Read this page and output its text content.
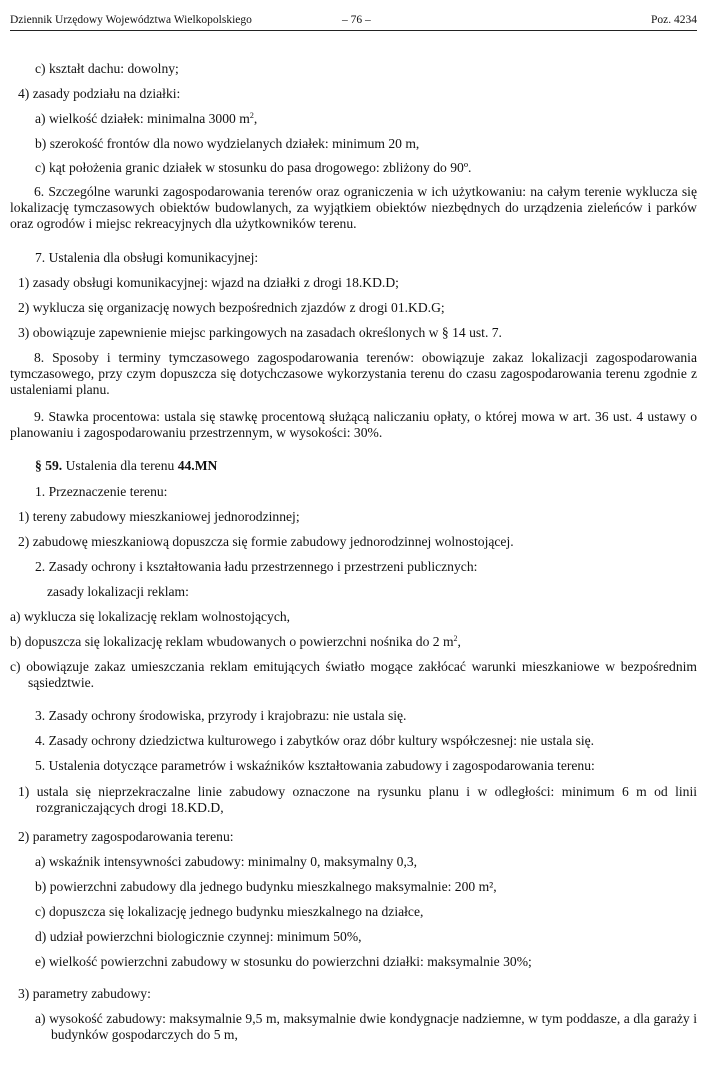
Dziennik Urzędowy Województwa Wielkopolskiego	– 76 –	Poz. 4234
c) kształt dachu: dowolny;
4) zasady podziału na działki:
a) wielkość działek: minimalna 3000 $m^2$,
b) szerokość frontów dla nowo wydzielanych działek: minimum 20 m,
c) kąt położenia granic działek w stosunku do pasa drogowego: zbliżony do 90º.
6. Szczególne warunki zagospodarowania terenów oraz ograniczenia w ich użytkowaniu: na całym terenie wyklucza się lokalizację tymczasowych obiektów budowlanych, za wyjątkiem obiektów niezbędnych do urządzenia zieleńców i parków oraz ogrodów i miejsc rekreacyjnych dla użytkowników terenu.
7. Ustalenia dla obsługi komunikacyjnej:
1) zasady obsługi komunikacyjnej: wjazd na działki z drogi 18.KD.D;
2) wyklucza się organizację nowych bezpośrednich zjazdów z drogi 01.KD.G;
3) obowiązuje zapewnienie miejsc parkingowych na zasadach określonych w § 14 ust. 7.
8. Sposoby i terminy tymczasowego zagospodarowania terenów: obowiązuje zakaz lokalizacji zagospodarowania tymczasowego, przy czym dopuszcza się dotychczasowe wykorzystania terenu do czasu zagospodarowania terenu zgodnie z ustaleniami planu.
9. Stawka procentowa: ustala się stawkę procentową służącą naliczaniu opłaty, o której mowa w art. 36 ust. 4 ustawy o planowaniu i zagospodarowaniu przestrzennym, w wysokości: 30%.
§ 59. Ustalenia dla terenu 44.MN
1. Przeznaczenie terenu:
1) tereny zabudowy mieszkaniowej jednorodzinnej;
2) zabudowę mieszkaniową dopuszcza się formie zabudowy jednorodzinnej wolnostojącej.
2. Zasady ochrony i kształtowania ładu przestrzennego i przestrzeni publicznych:
zasady lokalizacji reklam:
a) wyklucza się lokalizację reklam wolnostojących,
b) dopuszcza się lokalizację reklam wbudowanych o powierzchni nośnika do 2 $m^2$,
c) obowiązuje zakaz umieszczania reklam emitujących światło mogące zakłócać warunki mieszkaniowe w bezpośrednim sąsiedztwie.
3. Zasady ochrony środowiska, przyrody i krajobrazu: nie ustala się.
4. Zasady ochrony dziedzictwa kulturowego i zabytków oraz dóbr kultury współczesnej: nie ustala się.
5. Ustalenia dotyczące parametrów i wskaźników kształtowania zabudowy i zagospodarowania terenu:
1) ustala się nieprzekraczalne linie zabudowy oznaczone na rysunku planu i w odległości: minimum 6 m od linii rozgraniczających drogi 18.KD.D,
2) parametry zagospodarowania terenu:
a) wskaźnik intensywności zabudowy: minimalny 0, maksymalny 0,3,
b) powierzchni zabudowy dla jednego budynku mieszkalnego maksymalnie: 200 m²,
c) dopuszcza się lokalizację jednego budynku mieszkalnego na działce,
d) udział powierzchni biologicznie czynnej: minimum 50%,
e) wielkość powierzchni zabudowy w stosunku do powierzchni działki: maksymalnie 30%;
3) parametry zabudowy:
a) wysokość zabudowy: maksymalnie 9,5 m, maksymalnie dwie kondygnacje nadziemne, w tym poddasze, a dla garaży i budynków gospodarczych do 5 m,
